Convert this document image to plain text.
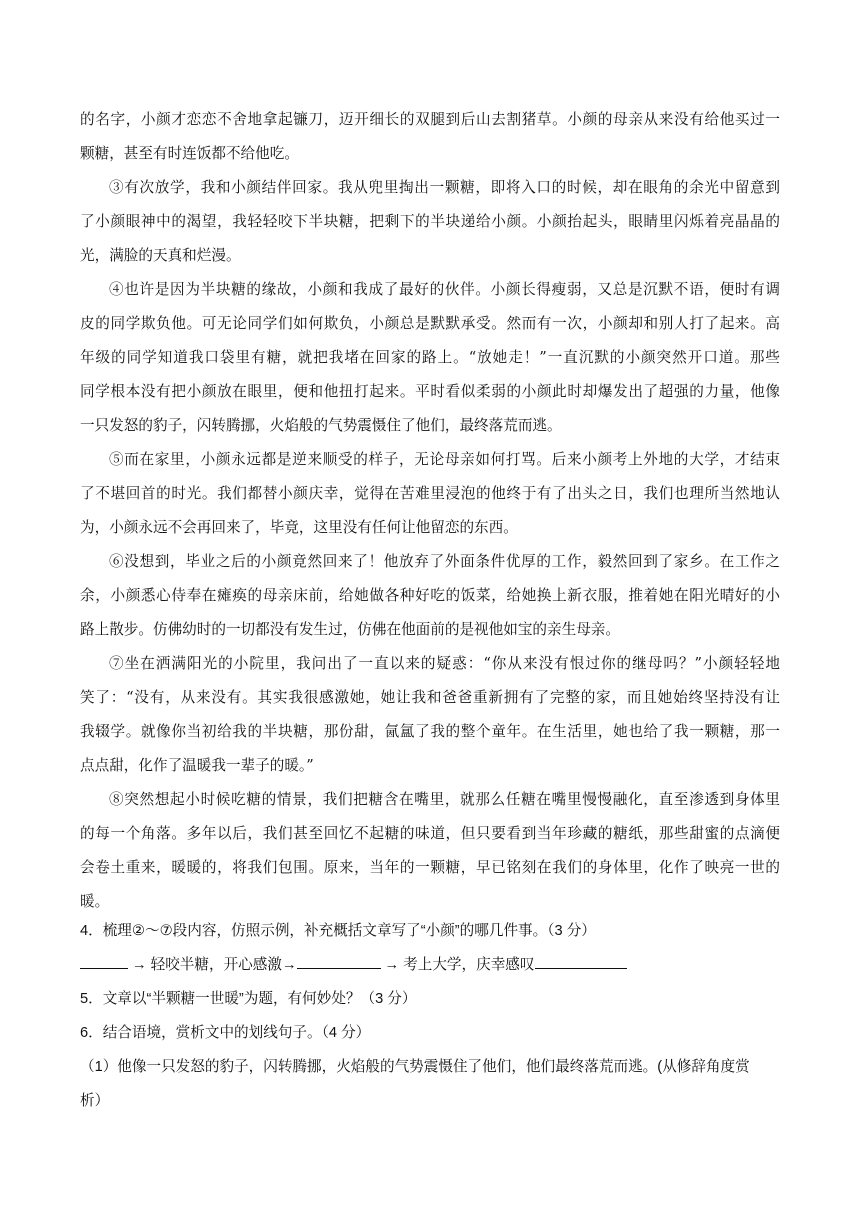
的名字，小颜才恋恋不舍地拿起镰刀，迈开细长的双腿到后山去割猪草。小颜的母亲从来没有给他买过一
颗糖，甚至有时连饭都不给他吃。
③有次放学，我和小颜结伴回家。我从兜里掏出一颗糖，即将入口的时候，却在眼角的余光中留意到
了小颜眼神中的渴望，我轻轻咬下半块糖，把剩下的半块递给小颜。小颜抬起头，眼睛里闪烁着亮晶晶的
光，满脸的天真和烂漫。
④也许是因为半块糖的缘故，小颜和我成了最好的伙伴。小颜长得瘦弱，又总是沉默不语，便时有调
皮的同学欺负他。可无论同学们如何欺负，小颜总是默默承受。然而有一次，小颜却和别人打了起来。高
年级的同学知道我口袋里有糖，就把我堵在回家的路上。“放她走！”一直沉默的小颜突然开口道。那些
同学根本没有把小颜放在眼里，便和他扭打起来。平时看似柔弱的小颜此时却爆发出了超强的力量，他像
一只发怒的豹子，闪转腾挪，火焰般的气势震慑住了他们，最终落荒而逃。
⑤而在家里，小颜永远都是逆来顺受的样子，无论母亲如何打骂。后来小颜考上外地的大学，才结束
了不堪回首的时光。我们都替小颜庆幸，觉得在苦难里浸泡的他终于有了出头之日，我们也理所当然地认
为，小颜永远不会再回来了，毕竟，这里没有任何让他留恋的东西。
⑥没想到，毕业之后的小颜竟然回来了！他放弃了外面条件优厚的工作，毅然回到了家乡。在工作之
余，小颜悉心侍奉在瘫痪的母亲床前，给她做各种好吃的饭菜，给她换上新衣服，推着她在阳光晴好的小
路上散步。仿佛幼时的一切都没有发生过，仿佛在他面前的是视他如宝的亲生母亲。
⑦坐在洒满阳光的小院里，我问出了一直以来的疑惑：“你从来没有恨过你的继母吗？”小颜轻轻地
笑了：“没有，从来没有。其实我很感激她，她让我和爸爸重新拥有了完整的家，而且她始终坚持没有让
我辍学。就像你当初给我的半块糖，那份甜，氤氲了我的整个童年。在生活里，她也给了我一颗糖，那一
点点甜，化作了温暖我一辈子的暖。”
⑧突然想起小时候吃糖的情景，我们把糖含在嘴里，就那么任糖在嘴里慢慢融化，直至渗透到身体里
的每一个角落。多年以后，我们甚至回忆不起糖的味道，但只要看到当年珍藏的糖纸，那些甜蜜的点滴便
会卷土重来，暖暖的，将我们包围。原来，当年的一颗糖，早已铭刻在我们的身体里，化作了映亮一世的
暖。

4．梳理②～⑦段内容，仿照示例，补充概括文章写了“小颜”的哪几件事。（3 分）

→ 轻咬半糖，开心感激→	→ 考上大学，庆幸感叹

5．文章以“半颗糖一世暖”为题，有何妙处？（3 分）

6．结合语境，赏析文中的划线句子。（4 分）

（1）他像一只发怒的豹子，闪转腾挪，火焰般的气势震慑住了他们，他们最终落荒而逃。(从修辞角度赏

析）
